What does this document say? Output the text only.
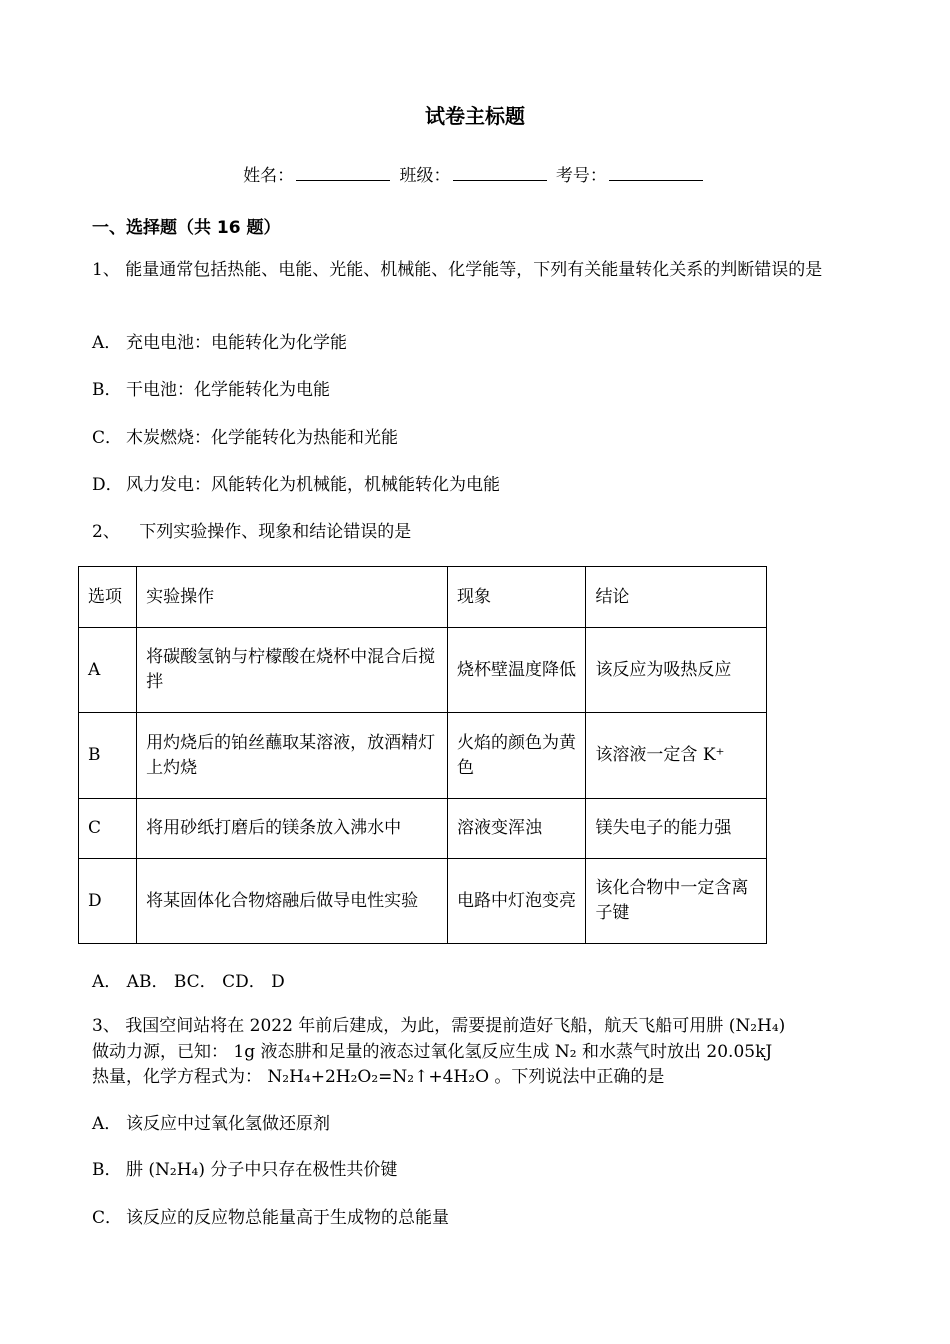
试卷主标题
姓名：	班级：	考号：
一、选择题（共 16 题）
1、 能量通常包括热能、电能、光能、机械能、化学能等，下列有关能量转化关系的判断错误的是
A． 充电电池：电能转化为化学能
B． 干电池：化学能转化为电能
C． 木炭燃烧：化学能转化为热能和光能
D． 风力发电：风能转化为机械能，机械能转化为电能
2、 下列实验操作、现象和结论错误的是
选项	实验操作	现象	结论
A	将碳酸氢钠与柠檬酸在烧杯中混合后搅拌	烧杯壁温度降低	该反应为吸热反应
B	用灼烧后的铂丝蘸取某溶液，放酒精灯上灼烧	火焰的颜色为黄色	该溶液一定含 K⁺
C	将用砂纸打磨后的镁条放入沸水中	溶液变浑浊	镁失电子的能力强
D	将某固体化合物熔融后做导电性实验	电路中灯泡变亮	该化合物中一定含离子键
A． AB． BC． CD． D
3、 我国空间站将在 2022 年前后建成，为此，需要提前造好飞船，航天飞船可用肼 (N₂H₄)
做动力源，已知： 1g 液态肼和足量的液态过氧化氢反应生成 N₂ 和水蒸气时放出 20.05kJ
热量，化学方程式为： N₂H₄+2H₂O₂=N₂↑+4H₂O 。下列说法中正确的是
A． 该反应中过氧化氢做还原剂
B． 肼 (N₂H₄) 分子中只存在极性共价键
C． 该反应的反应物总能量高于生成物的总能量
